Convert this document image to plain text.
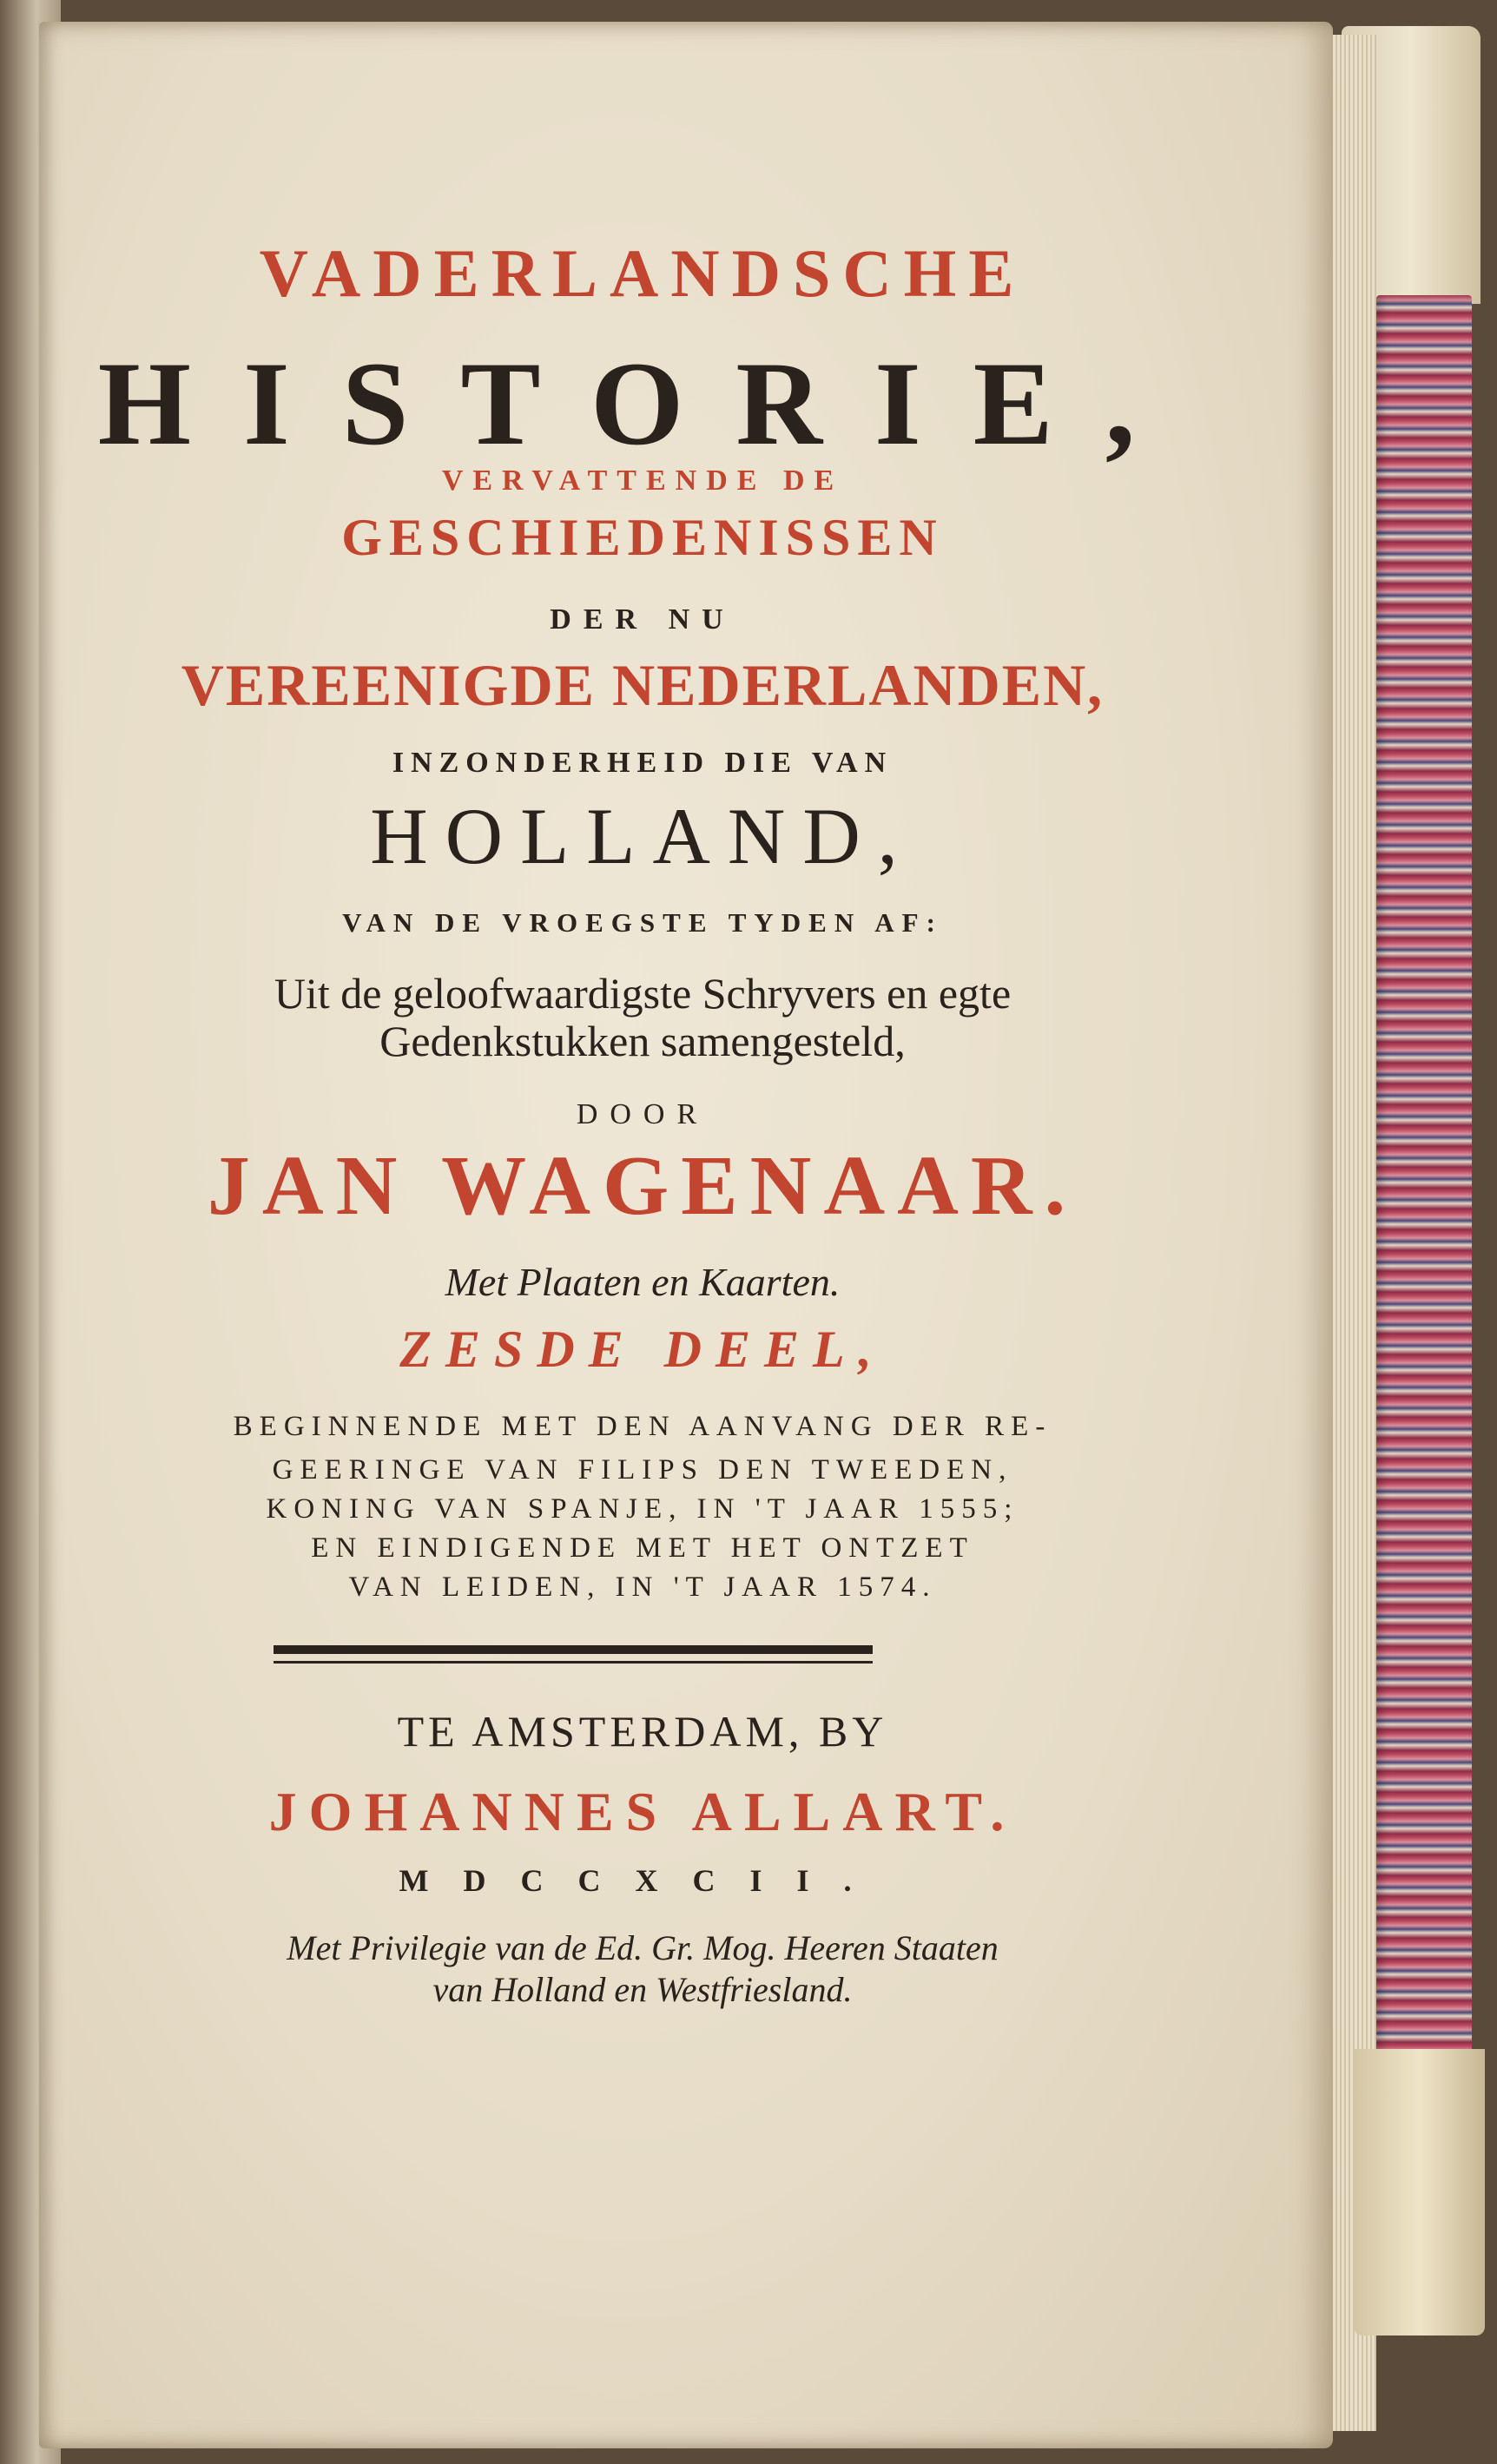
VADERLANDSCHE
HISTORIE,
VERVATTENDE DE
GESCHIEDENISSEN
DER NU
VEREENIGDE NEDERLANDEN,
INZONDERHEID DIE VAN
HOLLAND,
VAN DE VROEGSTE TYDEN AF:
Uit de geloofwaardigste Schryvers en egte
Gedenkstukken samengesteld,
DOOR
JAN WAGENAAR.
Met Plaaten en Kaarten.
ZESDE DEEL,
BEGINNENDE MET DEN AANVANG DER RE-
GEERINGE VAN FILIPS DEN TWEEDEN,
KONING VAN SPANJE, IN 'T JAAR 1555;
EN EINDIGENDE MET HET ONTZET
VAN LEIDEN, IN 'T JAAR 1574.
TE AMSTERDAM, BY
JOHANNES ALLART.
MDCCXCII.
Met Privilegie van de Ed. Gr. Mog. Heeren Staaten
van Holland en Westfriesland.
